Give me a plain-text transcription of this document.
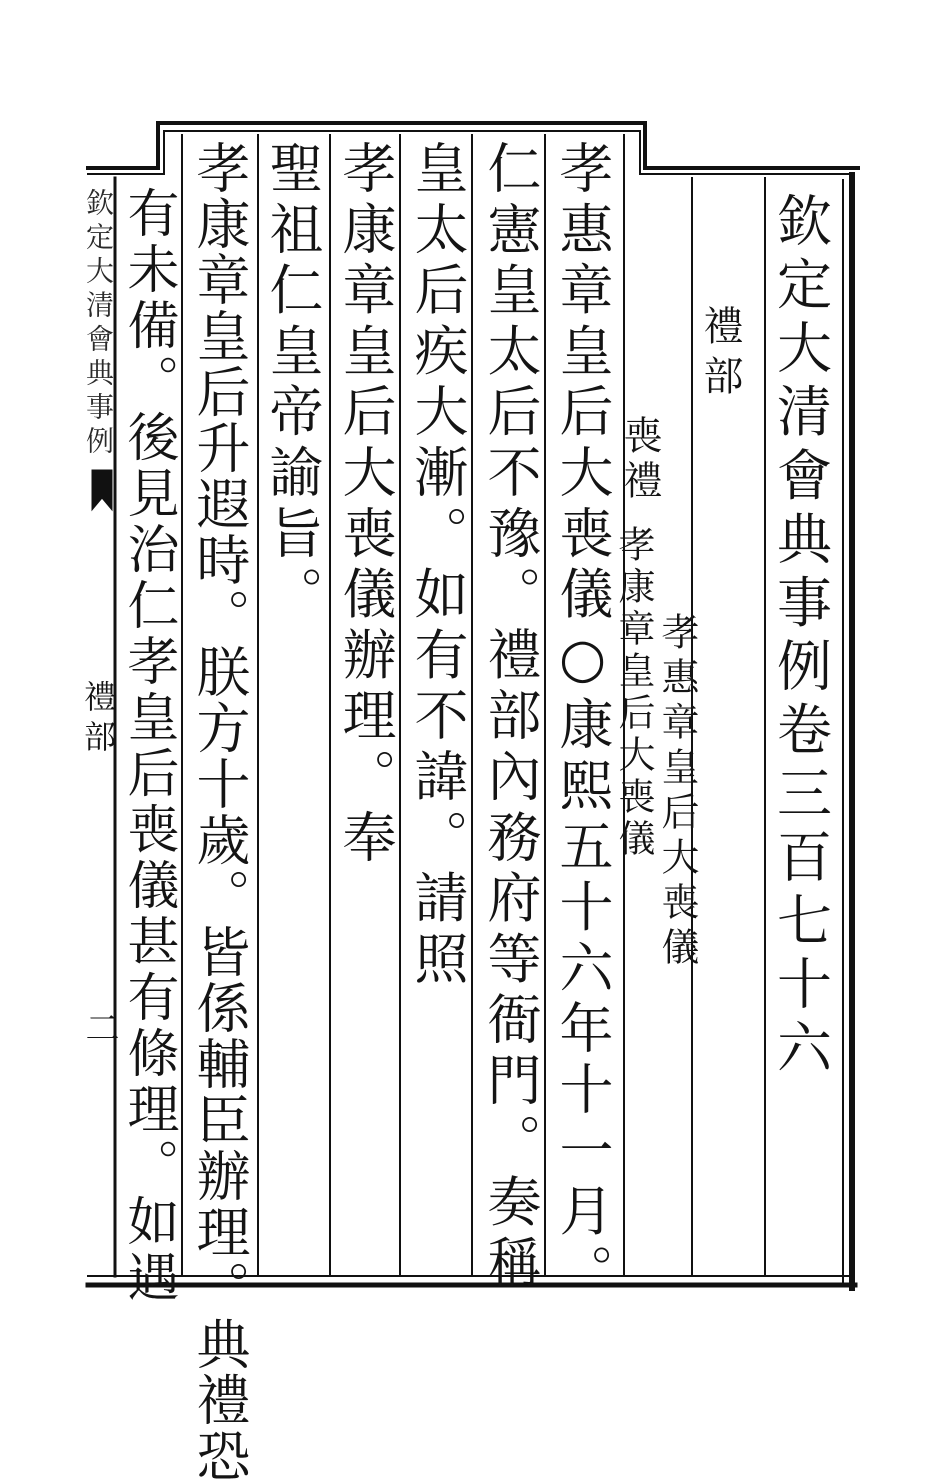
欽定大清會典事例卷三百七十六
禮部
喪禮
孝惠章皇后大喪儀
孝康章皇后大喪儀
孝惠章皇后大喪儀○康熙五十六年十一月。
仁憲皇太后不豫。禮部內務府等衙門。奏稱
皇太后疾大漸。如有不諱。請照
孝康章皇后大喪儀辦理。奉
聖祖仁皇帝諭旨。
孝康章皇后升遐時。朕方十歲。皆係輔臣辦理。典禮恐
有未備。後見治仁孝皇后喪儀甚有條理。如遇
欽定大清會典事例
禮部
二
